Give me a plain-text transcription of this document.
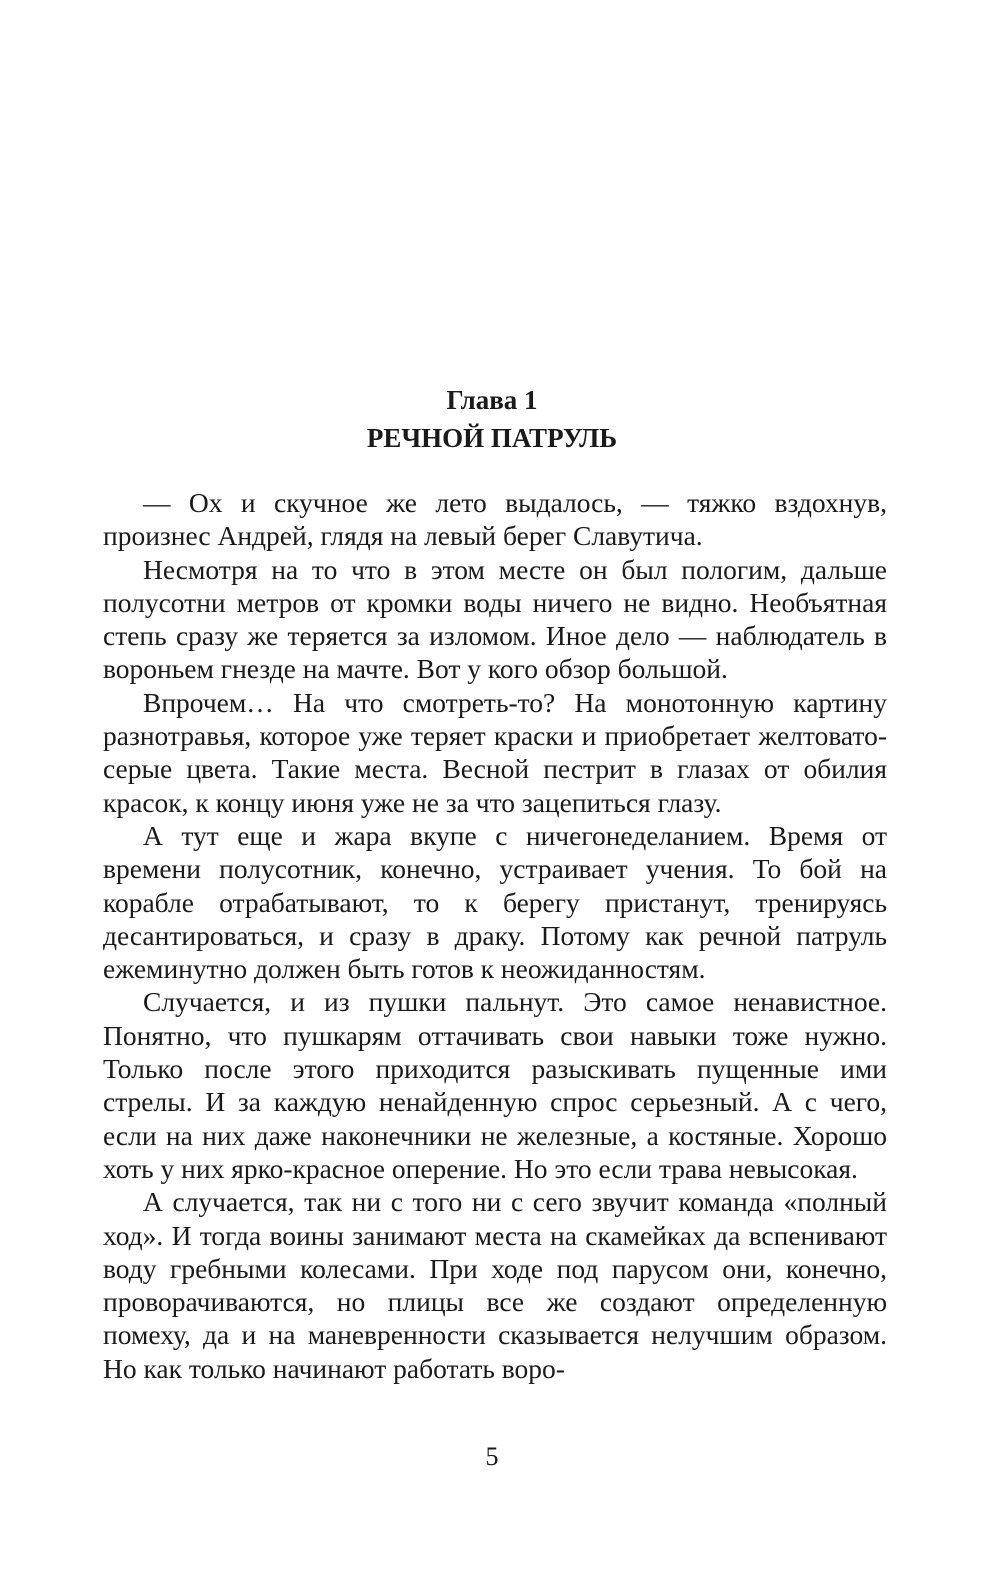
Глава 1
РЕЧНОЙ ПАТРУЛЬ

— Ох и скучное же лето выдалось, — тяжко вздохнув, произнес Андрей, глядя на левый берег Славутича.

Несмотря на то что в этом месте он был пологим, дальше полусотни метров от кромки воды ничего не видно. Необъятная степь сразу же теряется за изломом. Иное дело — наблюдатель в вороньем гнезде на мачте. Вот у кого обзор большой.

Впрочем… На что смотреть-то? На монотонную картину разнотравья, которое уже теряет краски и приобретает желтовато-серые цвета. Такие места. Весной пестрит в глазах от обилия красок, к концу июня уже не за что зацепиться глазу.

А тут еще и жара вкупе с ничегонеделанием. Время от времени полусотник, конечно, устраивает учения. То бой на корабле отрабатывают, то к берегу пристанут, тренируясь десантироваться, и сразу в драку. Потому как речной патруль ежеминутно должен быть готов к неожиданностям.

Случается, и из пушки пальнут. Это самое ненавистное. Понятно, что пушкарям оттачивать свои навыки тоже нужно. Только после этого приходится разыскивать пущенные ими стрелы. И за каждую ненайденную спрос серьезный. А с чего, если на них даже наконечники не железные, а костяные. Хорошо хоть у них ярко-красное оперение. Но это если трава невысокая.

А случается, так ни с того ни с сего звучит команда «полный ход». И тогда воины занимают места на скамейках да вспенивают воду гребными колесами. При ходе под парусом они, конечно, проворачиваются, но плицы все же создают определенную помеху, да и на маневренности сказывается нелучшим образом. Но как только начинают работать воро-

5
